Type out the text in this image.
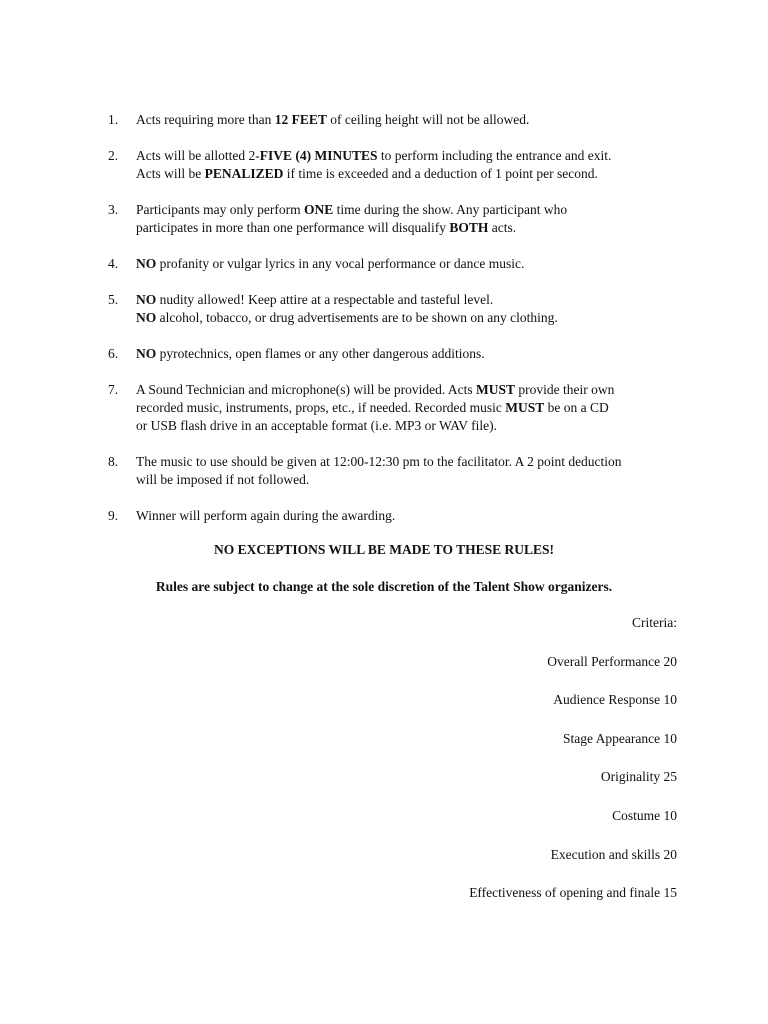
1.	Acts requiring more than 12 FEET of ceiling height will not be allowed.
2.	Acts will be allotted 2-FIVE (4) MINUTES to perform including the entrance and exit.
Acts will be PENALIZED if time is exceeded and a deduction of 1 point per second.
3.	Participants may only perform ONE time during the show. Any participant who
participates in more than one performance will disqualify BOTH acts.
4.	NO profanity or vulgar lyrics in any vocal performance or dance music.
5.	NO nudity allowed! Keep attire at a respectable and tasteful level.
NO alcohol, tobacco, or drug advertisements are to be shown on any clothing.
6.	NO pyrotechnics, open flames or any other dangerous additions.
7.	A Sound Technician and microphone(s) will be provided. Acts MUST provide their own
recorded music, instruments, props, etc., if needed. Recorded music MUST be on a CD
or USB flash drive in an acceptable format (i.e. MP3 or WAV file).
8.	The music to use should be given at 12:00-12:30 pm to the facilitator. A 2 point deduction
will be imposed if not followed.
9.	Winner will perform again during the awarding.
NO EXCEPTIONS WILL BE MADE TO THESE RULES!
Rules are subject to change at the sole discretion of the Talent Show organizers.
Criteria:
Overall Performance 20
Audience Response 10
Stage Appearance 10
Originality 25
Costume 10
Execution and skills 20
Effectiveness of opening and finale 15
